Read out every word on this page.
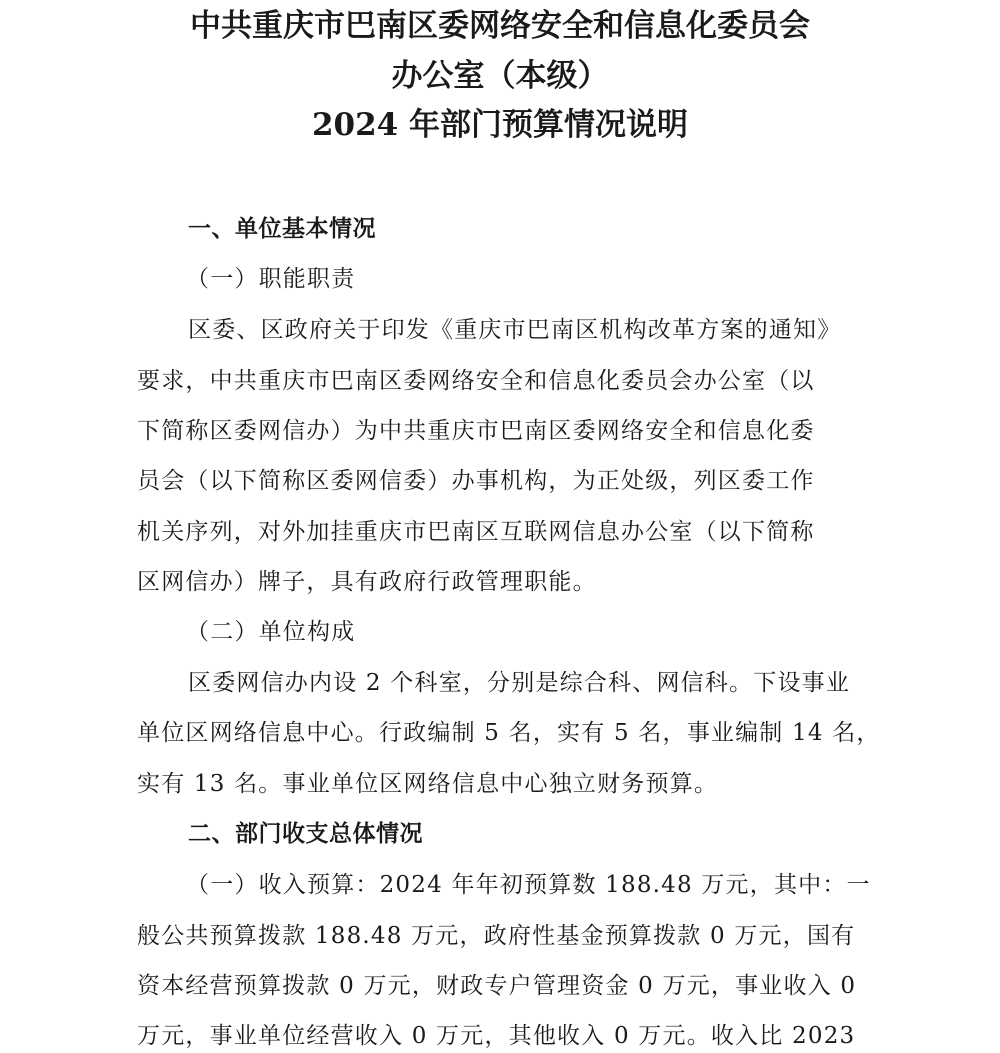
中共重庆市巴南区委网络安全和信息化委员会
办公室（本级）
2024 年部门预算情况说明
一、单位基本情况
（一）职能职责
区委、区政府关于印发《重庆市巴南区机构改革方案的通知》
要求，中共重庆市巴南区委网络安全和信息化委员会办公室（以
下简称区委网信办）为中共重庆市巴南区委网络安全和信息化委
员会（以下简称区委网信委）办事机构，为正处级，列区委工作
机关序列，对外加挂重庆市巴南区互联网信息办公室（以下简称
区网信办）牌子，具有政府行政管理职能。
（二）单位构成
区委网信办内设 2 个科室，分别是综合科、网信科。下设事业
单位区网络信息中心。行政编制 5 名，实有 5 名，事业编制 14 名，
实有 13 名。事业单位区网络信息中心独立财务预算。
二、部门收支总体情况
（一）收入预算：2024 年年初预算数 188.48 万元，其中：一
般公共预算拨款 188.48 万元，政府性基金预算拨款 0 万元，国有
资本经营预算拨款 0 万元，财政专户管理资金 0 万元，事业收入 0
万元，事业单位经营收入 0 万元，其他收入 0 万元。收入比 2023
